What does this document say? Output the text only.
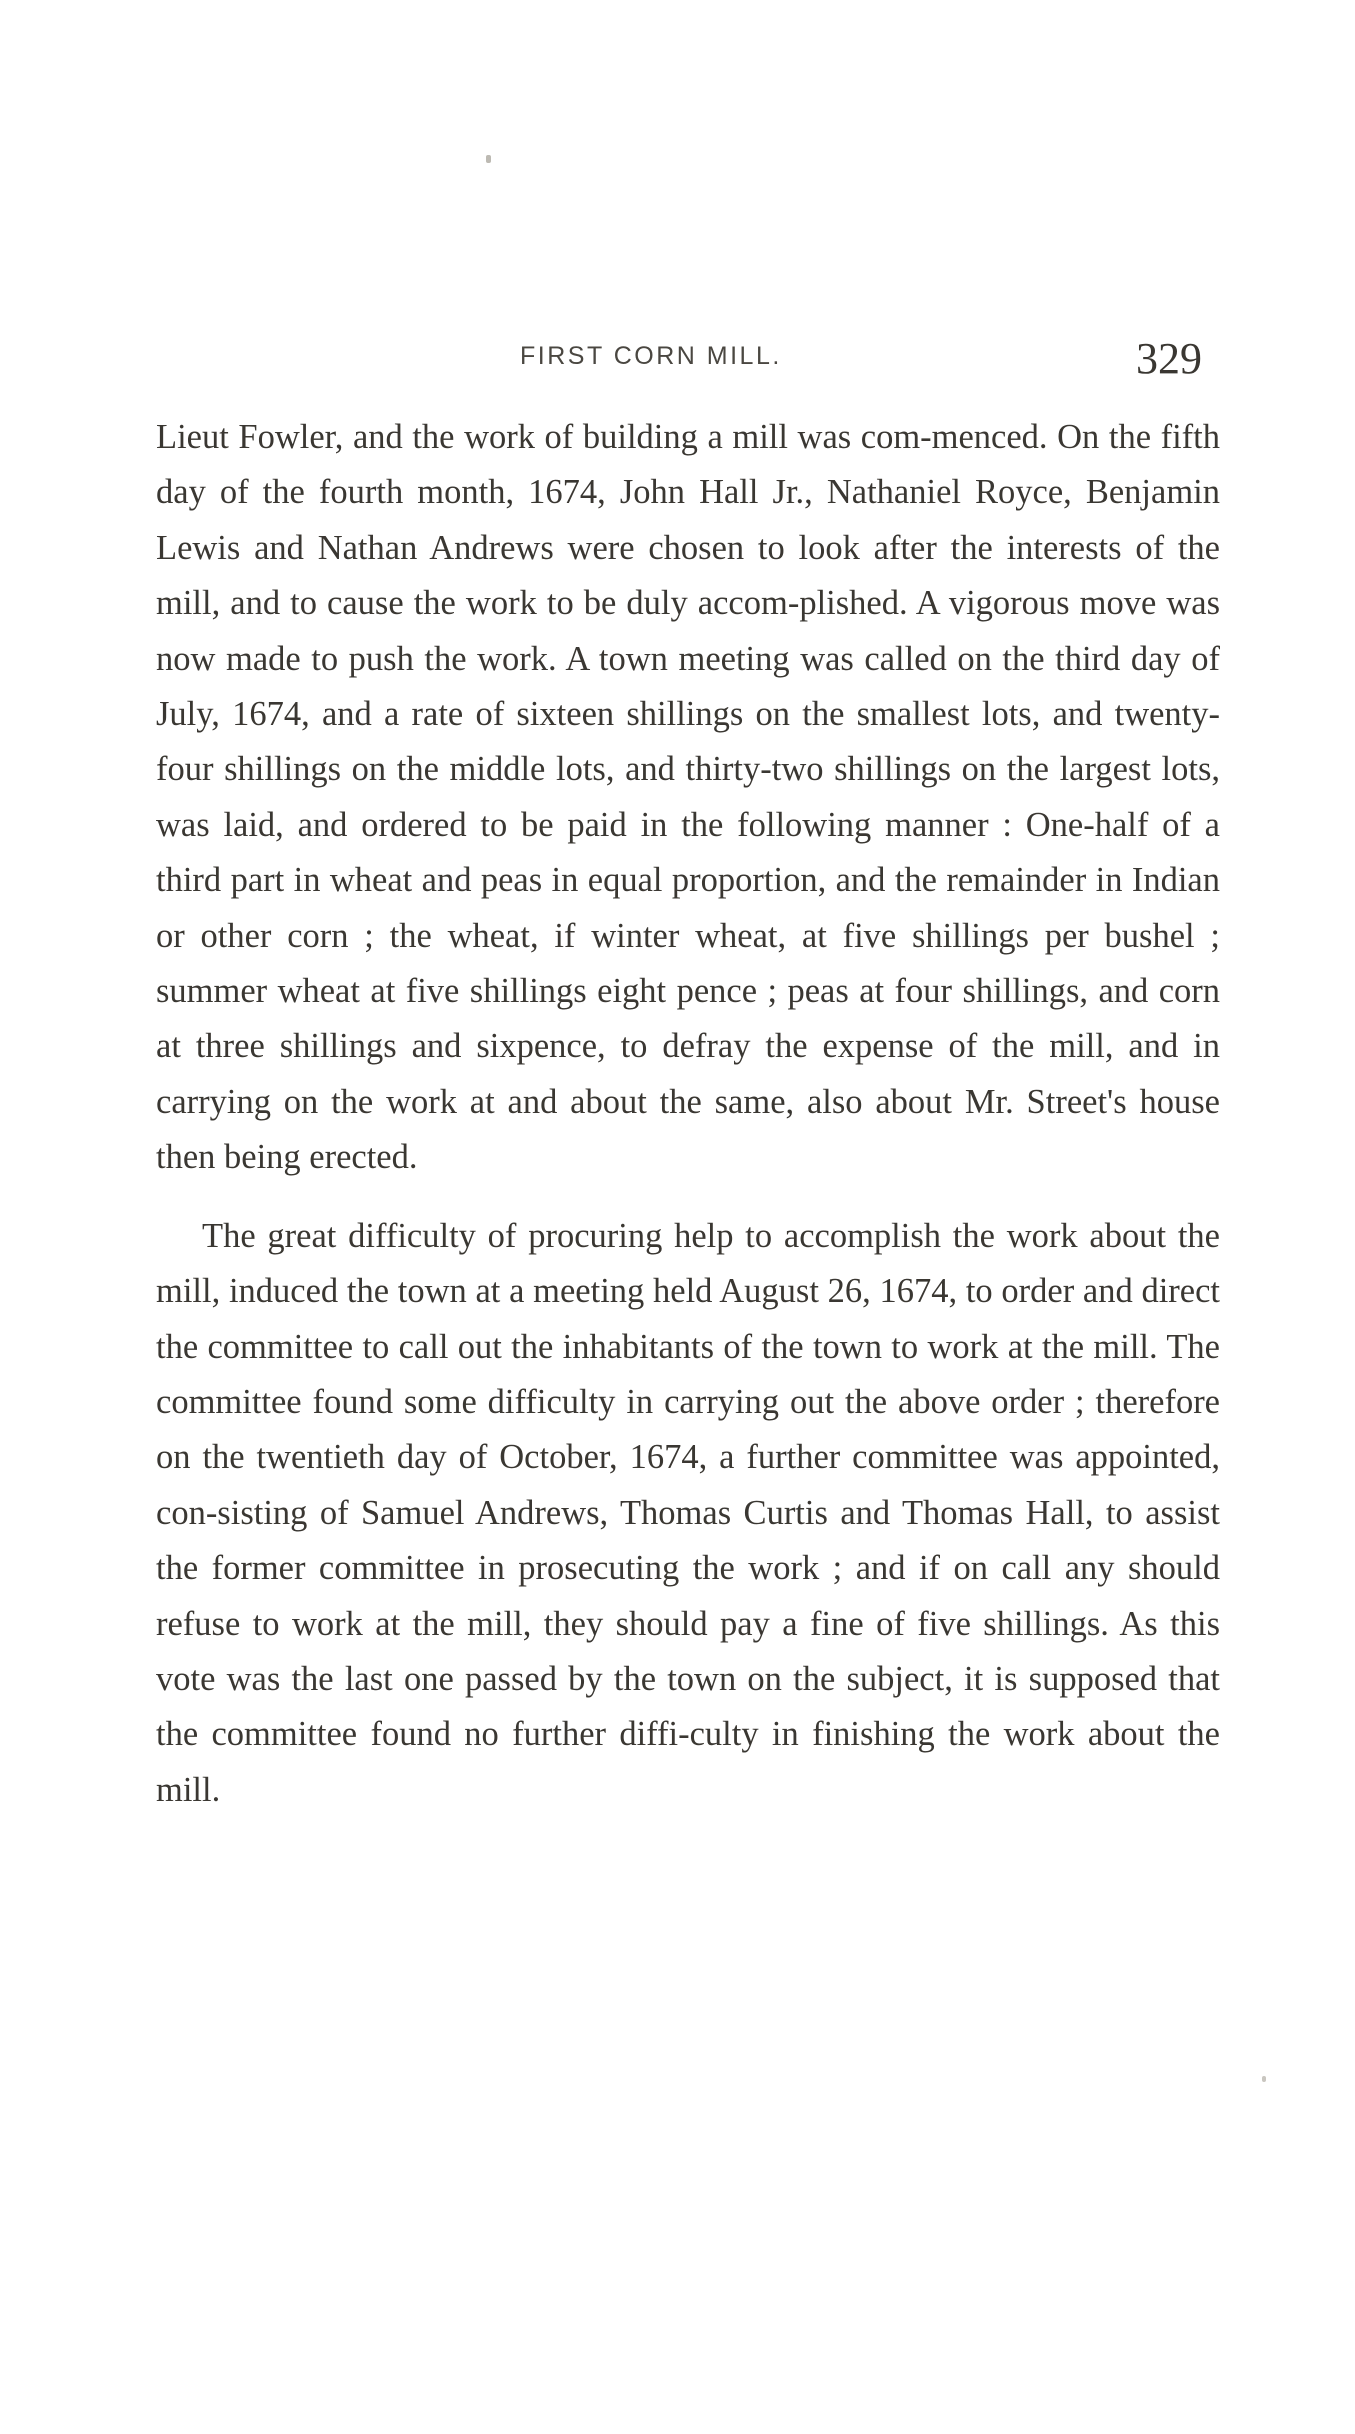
FIRST CORN MILL.	329

Lieut Fowler, and the work of building a mill was com-menced. On the fifth day of the fourth month, 1674, John Hall Jr., Nathaniel Royce, Benjamin Lewis and Nathan Andrews were chosen to look after the interests of the mill, and to cause the work to be duly accom-plished. A vigorous move was now made to push the work. A town meeting was called on the third day of July, 1674, and a rate of sixteen shillings on the smallest lots, and twenty-four shillings on the middle lots, and thirty-two shillings on the largest lots, was laid, and ordered to be paid in the following manner : One-half of a third part in wheat and peas in equal proportion, and the remainder in Indian or other corn ; the wheat, if winter wheat, at five shillings per bushel ; summer wheat at five shillings eight pence ; peas at four shillings, and corn at three shillings and sixpence, to defray the expense of the mill, and in carrying on the work at and about the same, also about Mr. Street's house then being erected.

The great difficulty of procuring help to accomplish the work about the mill, induced the town at a meeting held August 26, 1674, to order and direct the committee to call out the inhabitants of the town to work at the mill. The committee found some difficulty in carrying out the above order ; therefore on the twentieth day of October, 1674, a further committee was appointed, con-sisting of Samuel Andrews, Thomas Curtis and Thomas Hall, to assist the former committee in prosecuting the work ; and if on call any should refuse to work at the mill, they should pay a fine of five shillings. As this vote was the last one passed by the town on the subject, it is supposed that the committee found no further diffi-culty in finishing the work about the mill.
